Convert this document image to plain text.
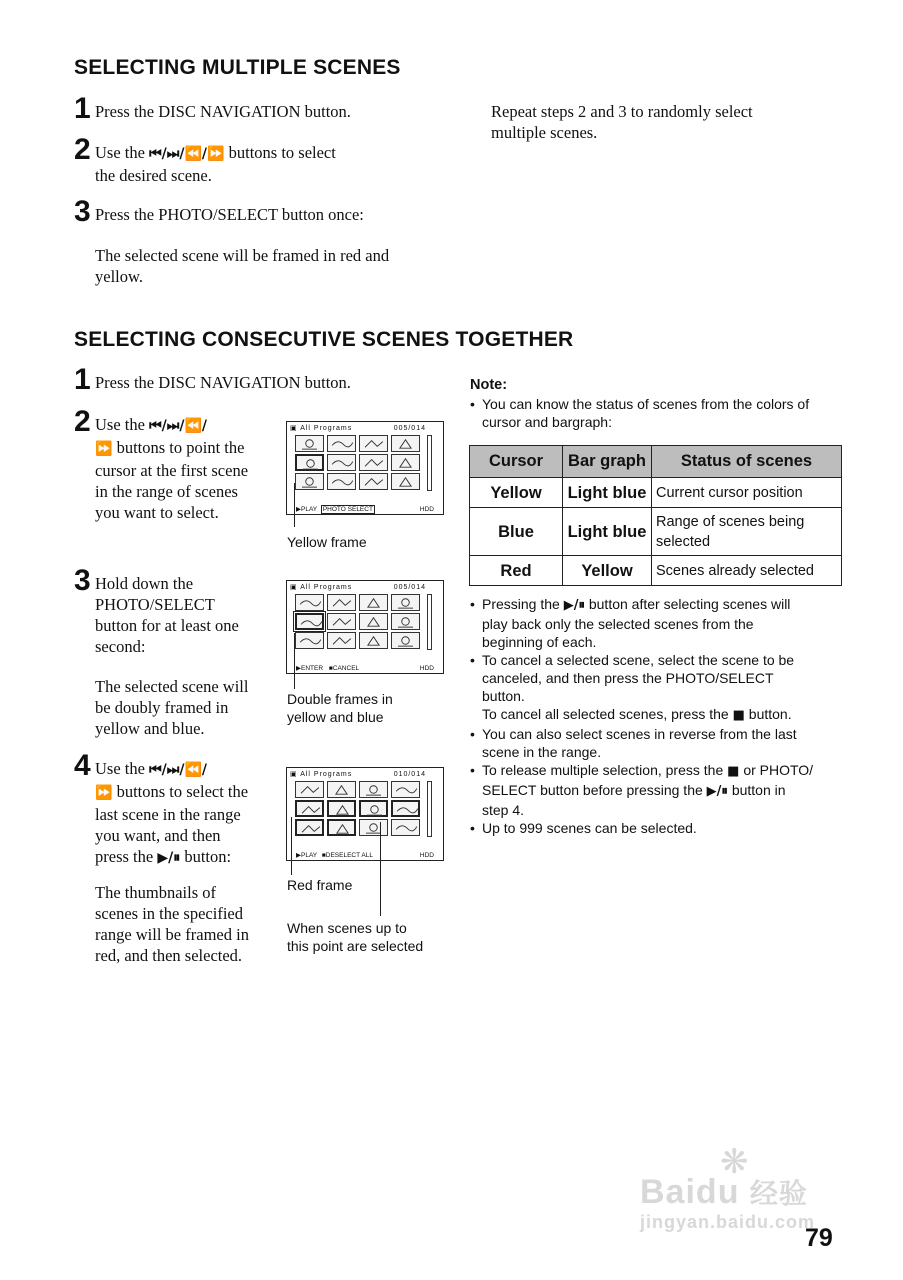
SELECTING MULTIPLE SCENES
1 Press the DISC NAVIGATION button.
2 Use the ⏮/⏭/⏪/⏩ buttons to select
the desired scene.
3 Press the PHOTO/SELECT button once:
The selected scene will be framed in red and
yellow.
Repeat steps 2 and 3 to randomly select
multiple scenes.
SELECTING CONSECUTIVE SCENES TOGETHER
1 Press the DISC NAVIGATION button.
2 Use the ⏮/⏭/⏪/
⏩ buttons to point the
cursor at the first scene
in the range of scenes
you want to select.
3 Hold down the
PHOTO/SELECT
button for at least one
second:
The selected scene will
be doubly framed in
yellow and blue.
4 Use the ⏮/⏭/⏪/
⏩ buttons to select the
last scene in the range
you want, and then
press the ▶/⏸ button:
The thumbnails of
scenes in the specified
range will be framed in
red, and then selected.
▣ All Programs	005/014
▶PLAY PHOTO SELECT	HDD
Yellow frame
▣ All Programs	005/014
▶ENTER ■CANCEL	HDD
Double frames in
yellow and blue
▣ All Programs	010/014
▶PLAY ■DESELECT ALL	HDD
Red frame
When scenes up to
this point are selected
Note:
• You can know the status of scenes from the colors of
cursor and bargraph:
Cursor	Bar graph	Status of scenes
Yellow	Light blue	Current cursor position
Blue	Light blue	Range of scenes being
selected

Red	Yellow	Scenes already selected
• Pressing the ▶/⏸ button after selecting scenes will
play back only the selected scenes from the
beginning of each.
• To cancel a selected scene, select the scene to be
canceled, and then press the PHOTO/SELECT
button.
To cancel all selected scenes, press the ■ button.
• You can also select scenes in reverse from the last
scene in the range.
• To release multiple selection, press the ■ or PHOTO/
SELECT button before pressing the ▶/⏸ button in
step 4.
• Up to 999 scenes can be selected.
❋
Baidu 经验
jingyan.baidu.com
79
